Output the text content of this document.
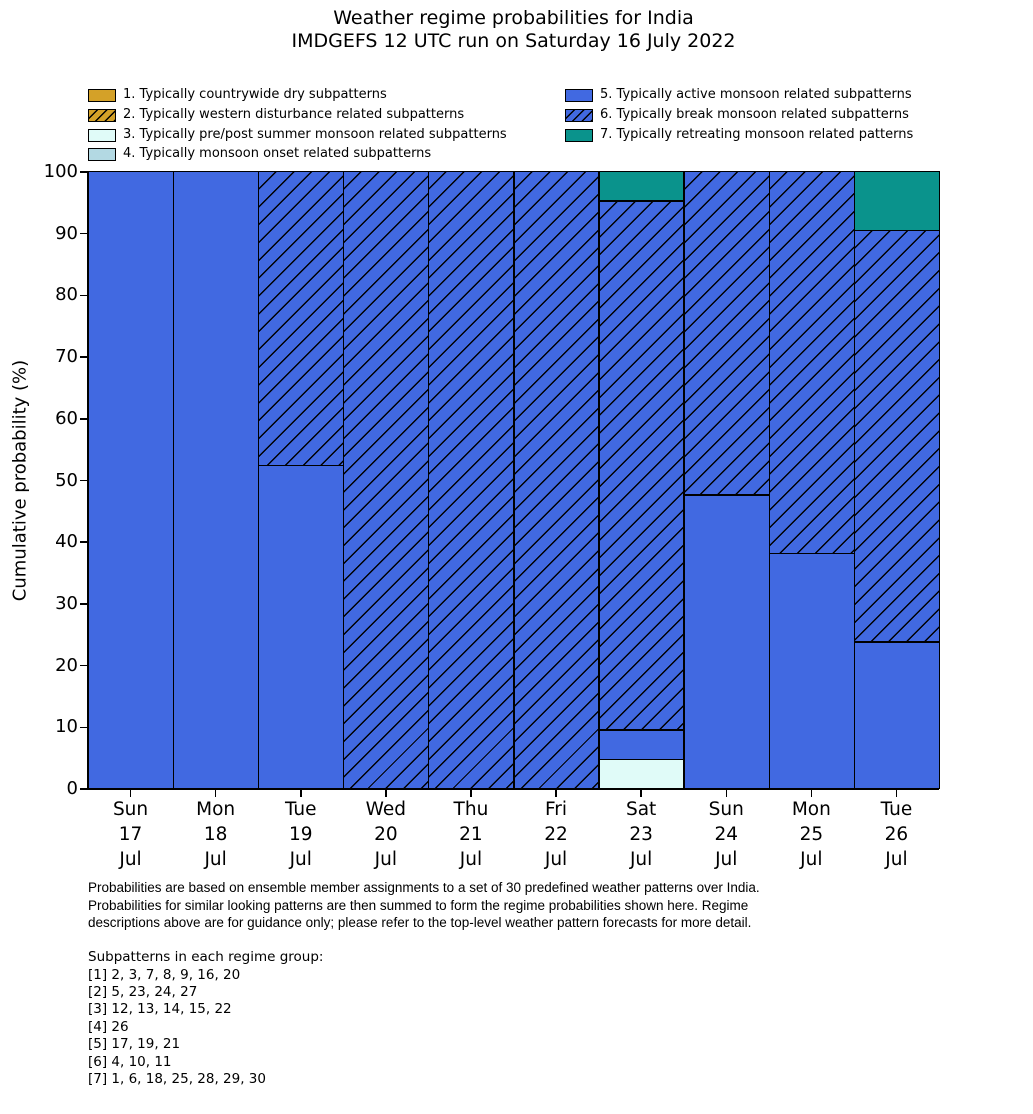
Weather regime probabilities for India
IMDGEFS 12 UTC run on Saturday 16 July 2022
1. Typically countrywide dry subpatterns
2. Typically western disturbance related subpatterns
3. Typically pre/post summer monsoon related subpatterns
4. Typically monsoon onset related subpatterns
5. Typically active monsoon related subpatterns
6. Typically break monsoon related subpatterns
7. Typically retreating monsoon related patterns
Cumulative probability (%)
0
10
20
30
40
50
60
70
80
90
100
Sun
17
Jul
Mon
18
Jul
Tue
19
Jul
Wed
20
Jul
Thu
21
Jul
Fri
22
Jul
Sat
23
Jul
Sun
24
Jul
Mon
25
Jul
Tue
26
Jul
Probabilities are based on ensemble member assignments to a set of 30 predefined weather patterns over India.
Probabilities for similar looking patterns are then summed to form the regime probabilities shown here. Regime
descriptions above are for guidance only; please refer to the top-level weather pattern forecasts for more detail.
Subpatterns in each regime group:
[1] 2, 3, 7, 8, 9, 16, 20
[2] 5, 23, 24, 27
[3] 12, 13, 14, 15, 22
[4] 26
[5] 17, 19, 21
[6] 4, 10, 11
[7] 1, 6, 18, 25, 28, 29, 30
